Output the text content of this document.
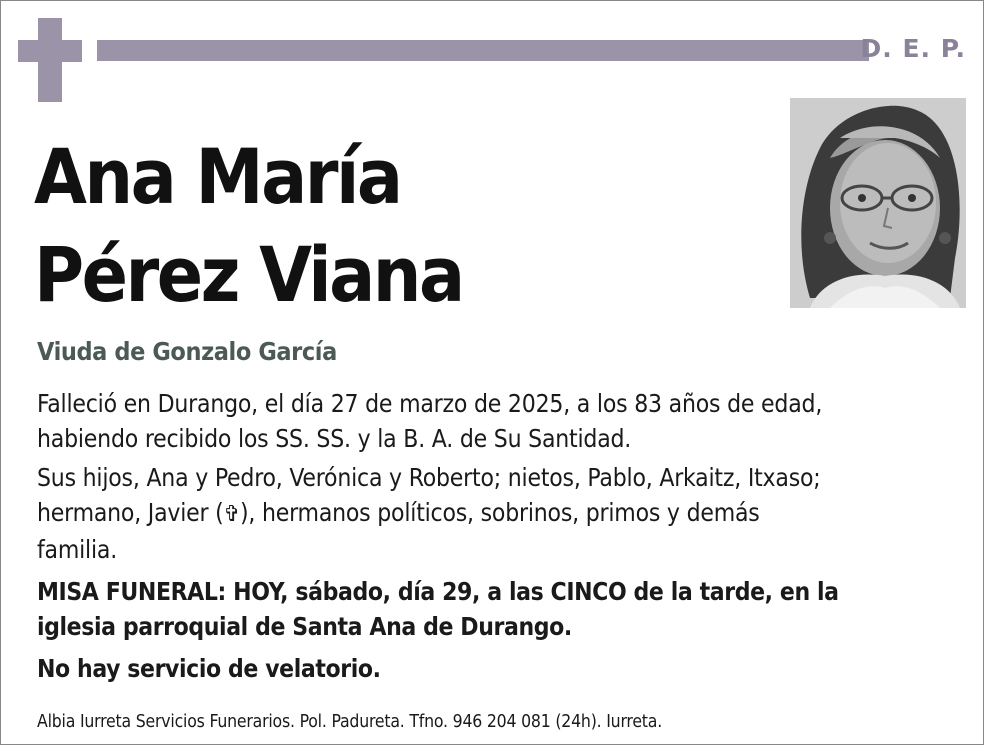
D. E. P.
Ana María
Pérez Viana
Viuda de Gonzalo García
Falleció en Durango, el día 27 de marzo de 2025, a los 83 años de edad,
habiendo recibido los SS. SS. y la B. A. de Su Santidad.
Sus hijos, Ana y Pedro, Verónica y Roberto; nietos, Pablo, Arkaitz, Itxaso;
hermano, Javier (✞), hermanos políticos, sobrinos, primos y demás
familia.
MISA FUNERAL: HOY, sábado, día 29, a las CINCO de la tarde, en la
iglesia parroquial de Santa Ana de Durango.
No hay servicio de velatorio.
Albia Iurreta Servicios Funerarios. Pol. Padureta. Tfno. 946 204 081 (24h). Iurreta.
